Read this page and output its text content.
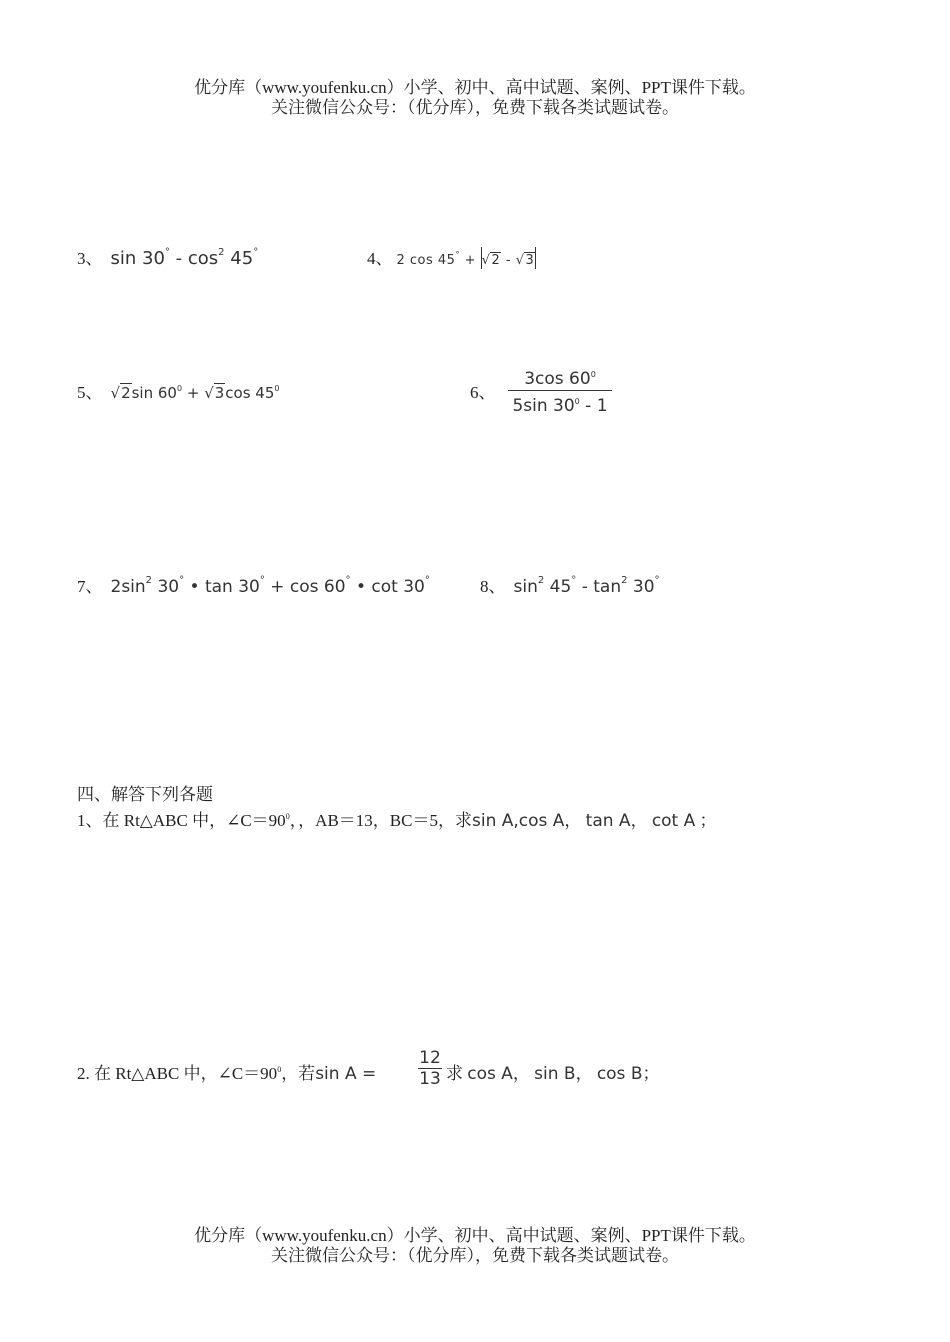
优分库（www.youfenku.cn）小学、初中、高中试题、案例、PPT课件下载。
关注微信公众号：（优分库），免费下载各类试题试卷。
3、 $\sin 30^\circ - \cos^2 45^\circ$	4、 2 cos 45° + √2 - √3
5、 √2sin $60^0 + √3\cos$ $45^0$	6、
3cos $60^0$
5sin $30^0 - 1$
7、 $2\sin^2$ 30° • tan 30° + cos 60° • cot 30°	8、 $\sin^2 45^\circ - \tan^2 30^\circ$
四、解答下列各题
1、在 Rt△ABC 中，$\angle C=90^0$，，AB＝13，BC＝5，求sin A,cos A， tan A， cot A ；
2. 在 Rt△ABC 中，$\angle C=90^0$，若sin A =
12
13 求 cos A， sin B， cos B；
优分库（www.youfenku.cn）小学、初中、高中试题、案例、PPT课件下载。
关注微信公众号：（优分库），免费下载各类试题试卷。
